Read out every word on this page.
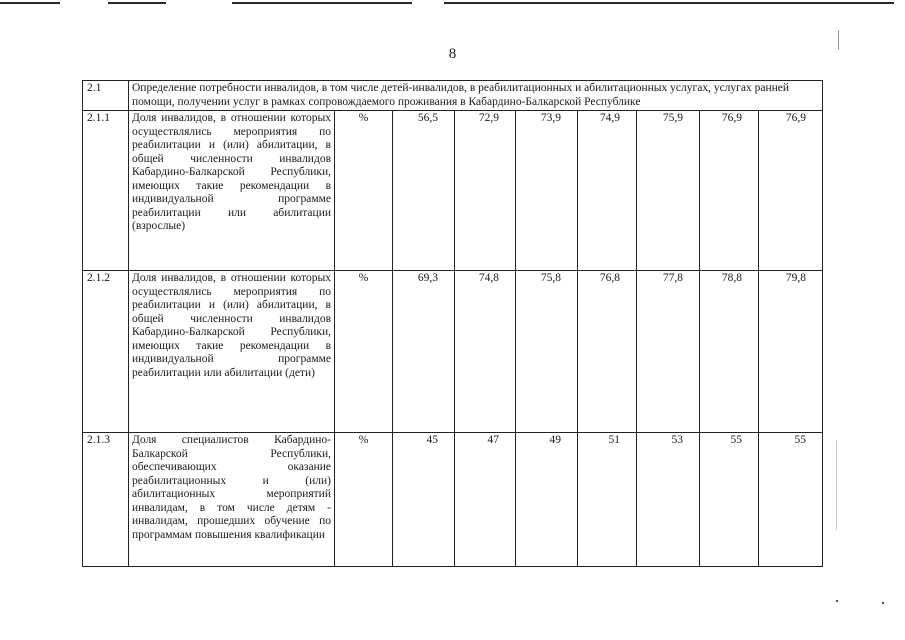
8
2.1	Определение потребности инвалидов, в том числе детей-инвалидов, в реабилитационных и абилитационных услугах, услугах ранней помощи, получении услуг в рамках сопровождаемого проживания в Кабардино-Балкарской Республике								
2.1.1	Доля инвалидов, в отношении которых осуществлялись мероприятия по реабилитации и (или) абилитации, в общей численности инвалидов Кабардино-Балкарской Республики, имеющих такие рекомендации в индивидуальной программе реабилитации или абилитации (взрослые)	%	56,5	72,9	73,9	74,9	75,9	76,9	76,9
2.1.2	Доля инвалидов, в отношении которых осуществлялись мероприятия по реабилитации и (или) абилитации, в общей численности инвалидов Кабардино-Балкарской Республики, имеющих такие рекомендации в индивидуальной программе реабилитации или абилитации (дети)	%	69,3	74,8	75,8	76,8	77,8	78,8	79,8
2.1.3	Доля специалистов Кабардино-Балкарской Республики, обеспечивающих оказание реабилитационных и (или) абилитационных мероприятий инвалидам, в том числе детям - инвалидам, прошедших обучение по программам повышения квалификации	%	45	47	49	51	53	55	55
